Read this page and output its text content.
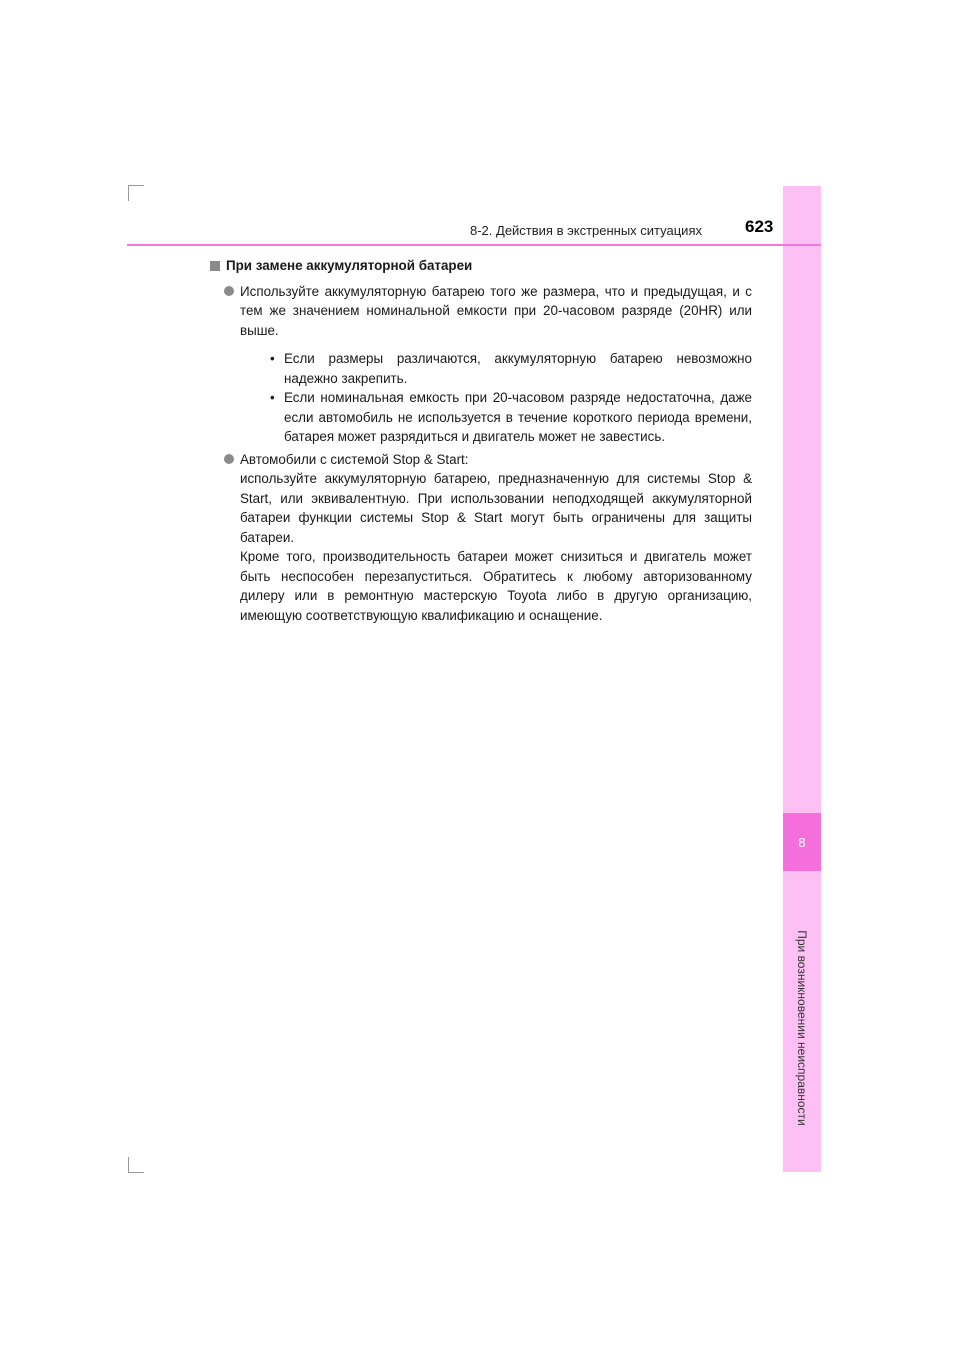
8
При возникновении неисправности
8-2. Действия в экстренных ситуациях	623
При замене аккумуляторной батареи
Используйте аккумуляторную батарею того же размера, что и предыдущая, и с тем же значением номинальной емкости при 20-часовом разряде (20HR) или выше.
• Если размеры различаются, аккумуляторную батарею невозможно надежно закрепить.
• Если номинальная емкость при 20-часовом разряде недостаточна, даже если автомобиль не используется в течение короткого периода времени, батарея может разрядиться и двигатель может не завестись.
Автомобили с системой Stop & Start:
используйте аккумуляторную батарею, предназначенную для системы Stop & Start, или эквивалентную. При использовании неподходящей аккумуляторной батареи функции системы Stop & Start могут быть ограничены для защиты батареи.
Кроме того, производительность батареи может снизиться и двигатель может быть неспособен перезапуститься. Обратитесь к любому авторизованному дилеру или в ремонтную мастерскую Toyota либо в другую организацию, имеющую соответствующую квалификацию и оснащение.
